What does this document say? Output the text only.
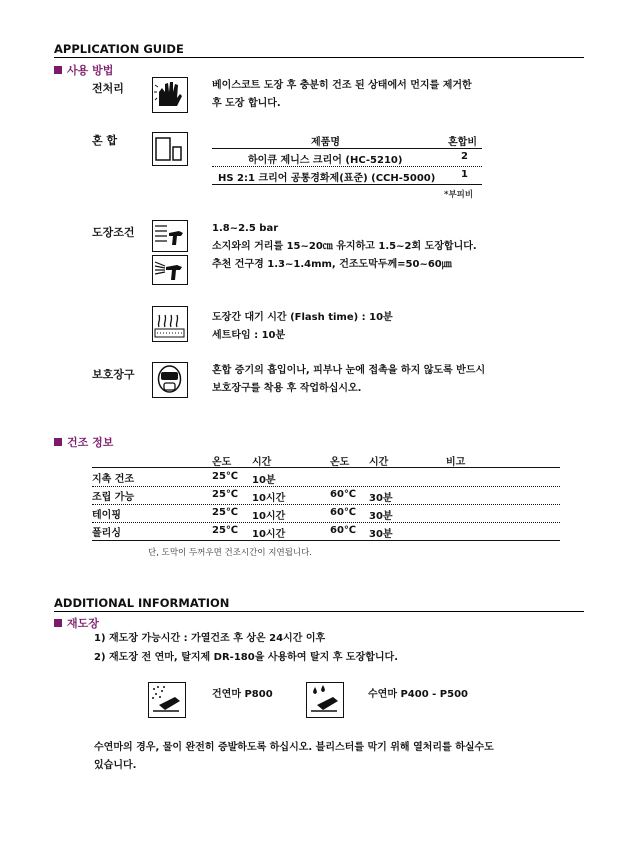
APPLICATION GUIDE
사용 방법
전처리	베이스코트 도장 후 충분히 건조 된 상태에서 먼지를 제거한
후 도장 합니다.
혼 합	제품명	혼합비
하이큐 제니스 크리어 (HC-5210)	2
HS 2:1 크리어 공통경화제(표준) (CCH-5000)	1
*부피비
도장조건	1.8~2.5 bar
소지와의 거리를 15~20㎝ 유지하고 1.5~2회 도장합니다.
추천 건구경 1.3~1.4mm, 건조도막두께=50~60㎛
도장간 대기 시간 (Flash time) : 10분
세트타임 : 10분
보호장구	혼합 증기의 흡입이나, 피부나 눈에 접촉을 하지 않도록 반드시
보호장구를 착용 후 작업하십시오.
건조 정보
온도 시간	온도 시간	비고
지촉 건조	25℃ 10분
조립 가능	25℃ 10시간	60℃ 30분
테이핑	25℃ 10시간	60℃ 30분
폴리싱	25℃ 10시간	60℃ 30분
단, 도막이 두꺼우면 건조시간이 지연됩니다.
ADDITIONAL INFORMATION
재도장
1) 재도장 가능시간 : 가열건조 후 상온 24시간 이후
2) 재도장 전 연마, 탈지제 DR-180을 사용하여 탈지 후 도장합니다.
건연마 P800	수연마 P400 - P500
수연마의 경우, 물이 완전히 증발하도록 하십시오. 블리스터를 막기 위해 열처리를 하실수도
있습니다.
